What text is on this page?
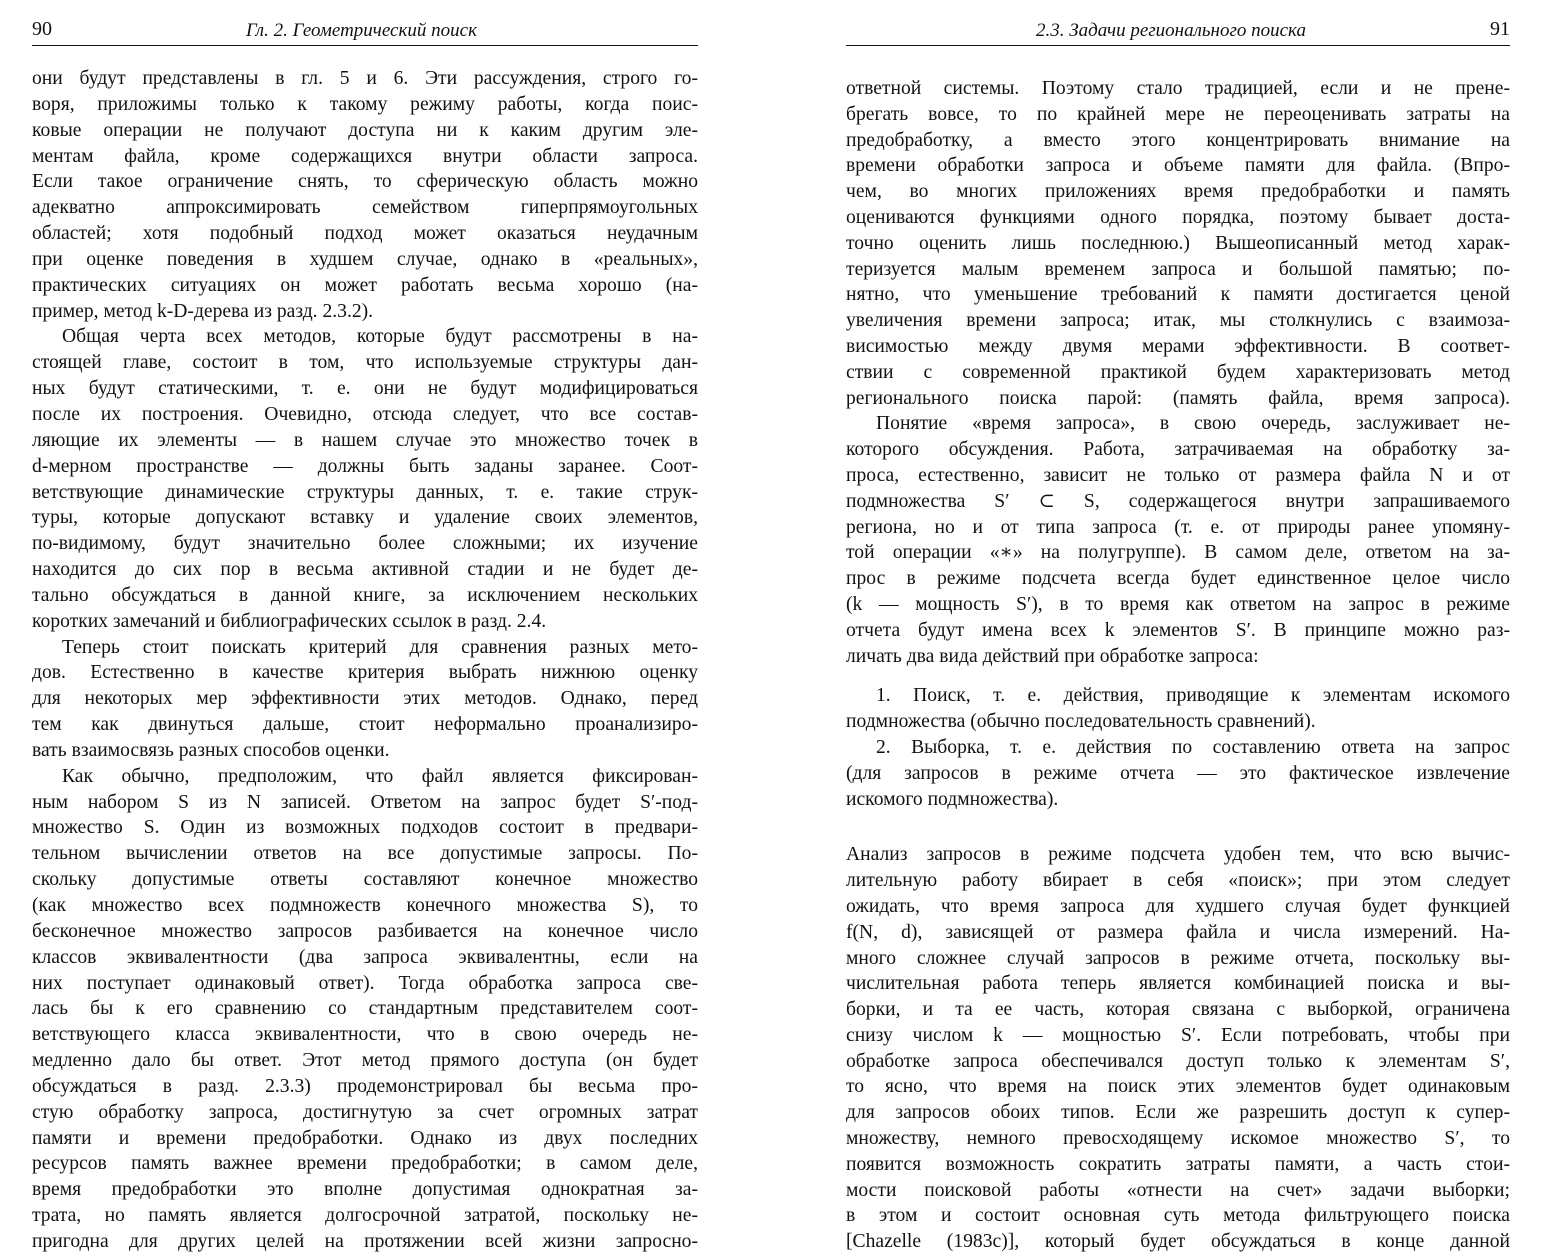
90	Гл. 2. Геометрический поиск
они будут представлены в гл. 5 и 6. Эти рассуждения, строго го-
воря, приложимы только к такому режиму работы, когда поис-
ковые операции не получают доступа ни к каким другим эле-
ментам файла, кроме содержащихся внутри области запроса.
Если такое ограничение снять, то сферическую область можно
адекватно аппроксимировать семейством гиперпрямоугольных
областей; хотя подобный подход может оказаться неудачным
при оценке поведения в худшем случае, однако в «реальных»,
практических ситуациях он может работать весьма хорошо (на-
пример, метод k-D-дерева из разд. 2.3.2).
Общая черта всех методов, которые будут рассмотрены в на-
стоящей главе, состоит в том, что используемые структуры дан-
ных будут статическими, т. е. они не будут модифицироваться
после их построения. Очевидно, отсюда следует, что все состав-
ляющие их элементы — в нашем случае это множество точек в
d-мерном пространстве — должны быть заданы заранее. Соот-
ветствующие динамические структуры данных, т. е. такие струк-
туры, которые допускают вставку и удаление своих элементов,
по-видимому, будут значительно более сложными; их изучение
находится до сих пор в весьма активной стадии и не будет де-
тально обсуждаться в данной книге, за исключением нескольких
коротких замечаний и библиографических ссылок в разд. 2.4.
Теперь стоит поискать критерий для сравнения разных мето-
дов. Естественно в качестве критерия выбрать нижнюю оценку
для некоторых мер эффективности этих методов. Однако, перед
тем как двинуться дальше, стоит неформально проанализиро-
вать взаимосвязь разных способов оценки.
Как обычно, предположим, что файл является фиксирован-
ным набором S из N записей. Ответом на запрос будет S′-под-
множество S. Один из возможных подходов состоит в предвари-
тельном вычислении ответов на все допустимые запросы. По-
скольку допустимые ответы составляют конечное множество
(как множество всех подмножеств конечного множества S), то
бесконечное множество запросов разбивается на конечное число
классов эквивалентности (два запроса эквивалентны, если на
них поступает одинаковый ответ). Тогда обработка запроса све-
лась бы к его сравнению со стандартным представителем соот-
ветствующего класса эквивалентности, что в свою очередь не-
медленно дало бы ответ. Этот метод прямого доступа (он будет
обсуждаться в разд. 2.3.3) продемонстрировал бы весьма про-
стую обработку запроса, достигнутую за счет огромных затрат
памяти и времени предобработки. Однако из двух последних
ресурсов память важнее времени предобработки; в самом деле,
время предобработки это вполне допустимая однократная за-
трата, но память является долгосрочной затратой, поскольку не-
пригодна для других целей на протяжении всей жизни запросно-
2.3. Задачи регионального поиска	91
ответной системы. Поэтому стало традицией, если и не прене-
брегать вовсе, то по крайней мере не переоценивать затраты на
предобработку, а вместо этого концентрировать внимание на
времени обработки запроса и объеме памяти для файла. (Впро-
чем, во многих приложениях время предобработки и память
оцениваются функциями одного порядка, поэтому бывает доста-
точно оценить лишь последнюю.) Вышеописанный метод харак-
теризуется малым временем запроса и большой памятью; по-
нятно, что уменьшение требований к памяти достигается ценой
увеличения времени запроса; итак, мы столкнулись с взаимоза-
висимостью между двумя мерами эффективности. В соответ-
ствии с современной практикой будем характеризовать метод
регионального поиска парой: (память файла, время запроса).
Понятие «время запроса», в свою очередь, заслуживает не-
которого обсуждения. Работа, затрачиваемая на обработку за-
проса, естественно, зависит не только от размера файла N и от
подмножества S′ ⊂ S, содержащегося внутри запрашиваемого
региона, но и от типа запроса (т. е. от природы ранее упомяну-
той операции «∗» на полугруппе). В самом деле, ответом на за-
прос в режиме подсчета всегда будет единственное целое число
(k — мощность S′), в то время как ответом на запрос в режиме
отчета будут имена всех k элементов S′. В принципе можно раз-
личать два вида действий при обработке запроса:
1. Поиск, т. е. действия, приводящие к элементам искомого
подмножества (обычно последовательность сравнений).
2. Выборка, т. е. действия по составлению ответа на запрос
(для запросов в режиме отчета — это фактическое извлечение
искомого подмножества).
Анализ запросов в режиме подсчета удобен тем, что всю вычис-
лительную работу вбирает в себя «поиск»; при этом следует
ожидать, что время запроса для худшего случая будет функцией
f(N, d), зависящей от размера файла и числа измерений. На-
много сложнее случай запросов в режиме отчета, поскольку вы-
числительная работа теперь является комбинацией поиска и вы-
борки, и та ее часть, которая связана с выборкой, ограничена
снизу числом k — мощностью S′. Если потребовать, чтобы при
обработке запроса обеспечивался доступ только к элементам S′,
то ясно, что время на поиск этих элементов будет одинаковым
для запросов обоих типов. Если же разрешить доступ к супер-
множеству, немного превосходящему искомое множество S′, то
появится возможность сократить затраты памяти, а часть стои-
мости поисковой работы «отнести на счет» задачи выборки;
в этом и состоит основная суть метода фильтрующего поиска
[Chazelle (1983c)], который будет обсуждаться в конце данной
